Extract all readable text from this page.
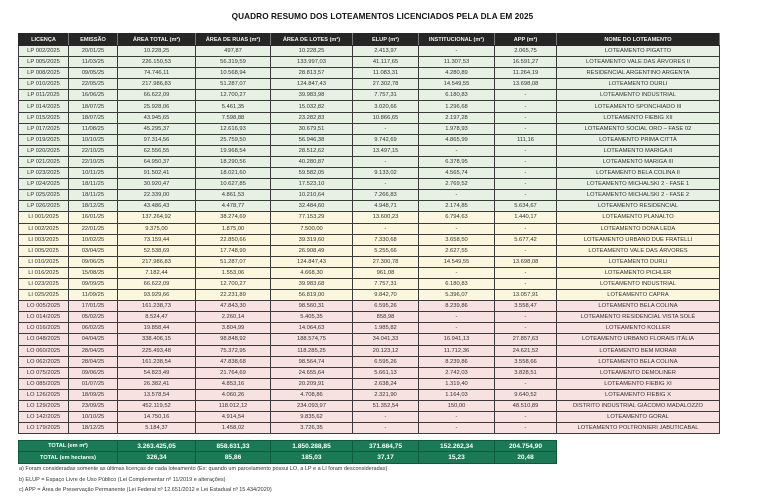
QUADRO RESUMO DOS LOTEAMENTOS LICENCIADOS PELA DLA EM 2025
LICENÇA	EMISSÃO	ÁREA TOTAL (m²)	ÁREA DE RUAS (m²)	ÁREA DE LOTES (m²)	ELUP (m²)	INSTITUCIONAL (m²)	APP (m²)	NOME DO LOTEAMENTO
LP 002/2025	20/01/25	10.228,25	497,87	10.228,25	2.413,97	-	2.065,75	LOTEAMENTO PIGATTO
LP 005/2025	11/03/25	226.150,53	56.319,59	133.997,03	41.117,65	11.307,53	16.591,27	LOTEAMENTO VALE DAS ÁRVORES II
LP 008/2025	09/05/25	74.746,11	10.568,94	28.813,57	11.083,31	4.280,89	11.264,19	RESIDENCIAL ARGENTINO ARGENTA
LP 010/2025	22/05/25	217.986,83	51.287,07	124.847,43	27.302,78	14.549,55	13.698,08	LOTEAMENTO DURLI
LP 011/2025	16/06/25	66.622,09	12.700,27	39.983,98	7.757,31	6.180,83	-	LOTEAMENTO INDUSTRIAL
LP 014/2025	18/07/25	25.928,06	5.461,35	15.032,82	3.020,66	1.296,68	-	LOTEAMENTO SPONCHIADO III
LP 015/2025	18/07/25	43.945,65	7.598,88	23.282,83	10.866,65	2.197,28	-	LOTEAMENTO FIEBIG XII
LP 017/2025	11/08/25	45.295,37	12.616,93	30.679,51	-	1.978,93	-	LOTEAMENTO SOCIAL ORO – FASE 02
LP 019/2025	10/10/25	97.314,56	25.759,50	56.946,38	9.742,69	4.865,99	111,16	LOTEAMENTO PRIMA CITTÀ
LP 020/2025	22/10/25	62.556,55	19.968,54	28.512,62	13.497,15	-	-	LOTEAMENTO MARIGA II
LP 021/2025	22/10/25	64.950,37	18.290,56	40.280,87	-	6.378,95	-	LOTEAMENTO MARIGA III
LP 023/2025	10/11/25	91.502,41	18.021,60	59.582,05	9.133,02	4.565,74	-	LOTEAMENTO BELA COLINA II
LP 024/2025	18/11/25	30.920,47	10.627,85	17.523,10	-	2.769,52	-	LOTEAMENTO MICHALSKI 2 - FASE 1
LP 025/2025	18/11/25	22.339,00	4.861,53	10.210,64	7.266,83	-	-	LOTEAMENTO MICHALSKI 2 - FASE 2
LP 026/2025	18/12/25	43.486,43	4.478,77	32.484,60	4.948,71	2.174,85	5.634,67	LOTEAMENTO RESIDENCIAL
LI 001/2025	16/01/25	137.264,92	38.274,69	77.153,29	13.600,23	6.794,63	1.440,17	LOTEAMENTO PLANALTO
LI 002/2025	22/01/25	9.375,00	1.875,00	7.500,00	-	-	-	LOTEAMENTO DONA LEDA
LI 003/2025	10/02/25	73.159,44	22.850,66	39.319,60	7.330,68	3.658,50	5.677,42	LOTEAMENTO URBANO DUE FRATELLI
LI 005/2025	03/04/25	52.538,69	17.748,99	26.908,49	5.255,66	2.627,55	-	LOTEAMENTO VALE DAS ÁRVORES
LI 010/2025	09/06/25	217.986,83	51.287,07	124.847,43	27.300,78	14.549,55	13.698,08	LOTEAMENTO DURLI
LI 016/2025	15/08/25	7.182,44	1.553,06	4.668,30	961,08	-	-	LOTEAMENTO PICHLER
LI 023/2025	09/09/25	66.622,09	12.700,27	39.983,68	7.757,31	6.180,83	-	LOTEAMENTO INDUSTRIAL
LI 025/2025	11/09/25	93.929,66	22.231,89	56.819,00	9.842,70	5.396,07	13.057,91	LOTEAMENTO CAPRA
LO 005/2025	17/01/25	161.238,73	47.843,30	98.560,31	6.595,26	8.239,86	3.558,47	LOTEAMENTO BELA COLINA
LO 014/2025	05/02/25	8.524,47	2.260,14	5.405,35	858,98	-	-	LOTEAMENTO RESIDENCIAL VISTA SOLÉ
LO 016/2025	06/02/25	19.858,44	3.804,99	14.064,63	1.985,82	-	-	LOTEAMENTO KOLLER
LO 048/2025	04/04/25	338.406,15	98.848,92	188.574,75	34.041,33	16.941,13	27.857,63	LOTEAMENTO URBANO FLORAIS ITÁLIA
LO 060/2025	28/04/25	225.493,48	75.372,95	118.285,25	20.123,12	11.712,36	24.621,52	LOTEAMENTO BEM MORAR
LO 062/2025	28/04/25	161.238,54	47.838,68	98.564,74	6.595,26	8.239,86	3.558,66	LOTEAMENTO BELA COLINA
LO 075/2025	09/06/25	54.823,49	21.764,69	24.655,64	5.661,13	2.742,03	3.828,51	LOTEAMENTO DEMOLINER
LO 085/2025	01/07/25	26.382,41	4.853,16	20.209,91	2.638,24	1.319,40	-	LOTEAMENTO FIEBIG XI
LO 126/2025	18/09/25	13.578,54	4.060,26	4.708,86	2.321,90	1.164,03	9.640,52	LOTEAMENTO FIEBIG X
LO 129/2025	23/09/25	452.119,52	118.012,12	234.093,97	51.352,54	150,00	48.510,89	DISTRITO INDUSTRIAL GIÁCOMO MADALOZZO
LO 142/2025	10/10/25	14.750,16	4.914,54	9.835,62	-	-	-	LOTEAMENTO GORAL
LO 179/2025	18/12/25	5.184,37	1.458,02	3.726,35	-	-	-	LOTEAMENTO POLTRONIERI JABUTICABAL
TOTAL (em m²)	3.263.425,05	858.631,33	1.850.288,85	371.684,75	152.262,34	204.754,90
TOTAL (em hectares)	326,34	85,86	185,03	37,17	15,23	20,48
a) Foram consideradas somente as últimas licenças de cada loteamento (Ex: quando um parcelamento possui LO, a LP e a LI foram desconsideradas)
b) ELUP = Espaço Livre de Uso Público (Lei Complementar nº 11/2019 e alterações)
c) APP = Área de Preservação Permanente (Lei Federal nº 12.651/2012 e Lei Estadual nº 15.434/2020)
